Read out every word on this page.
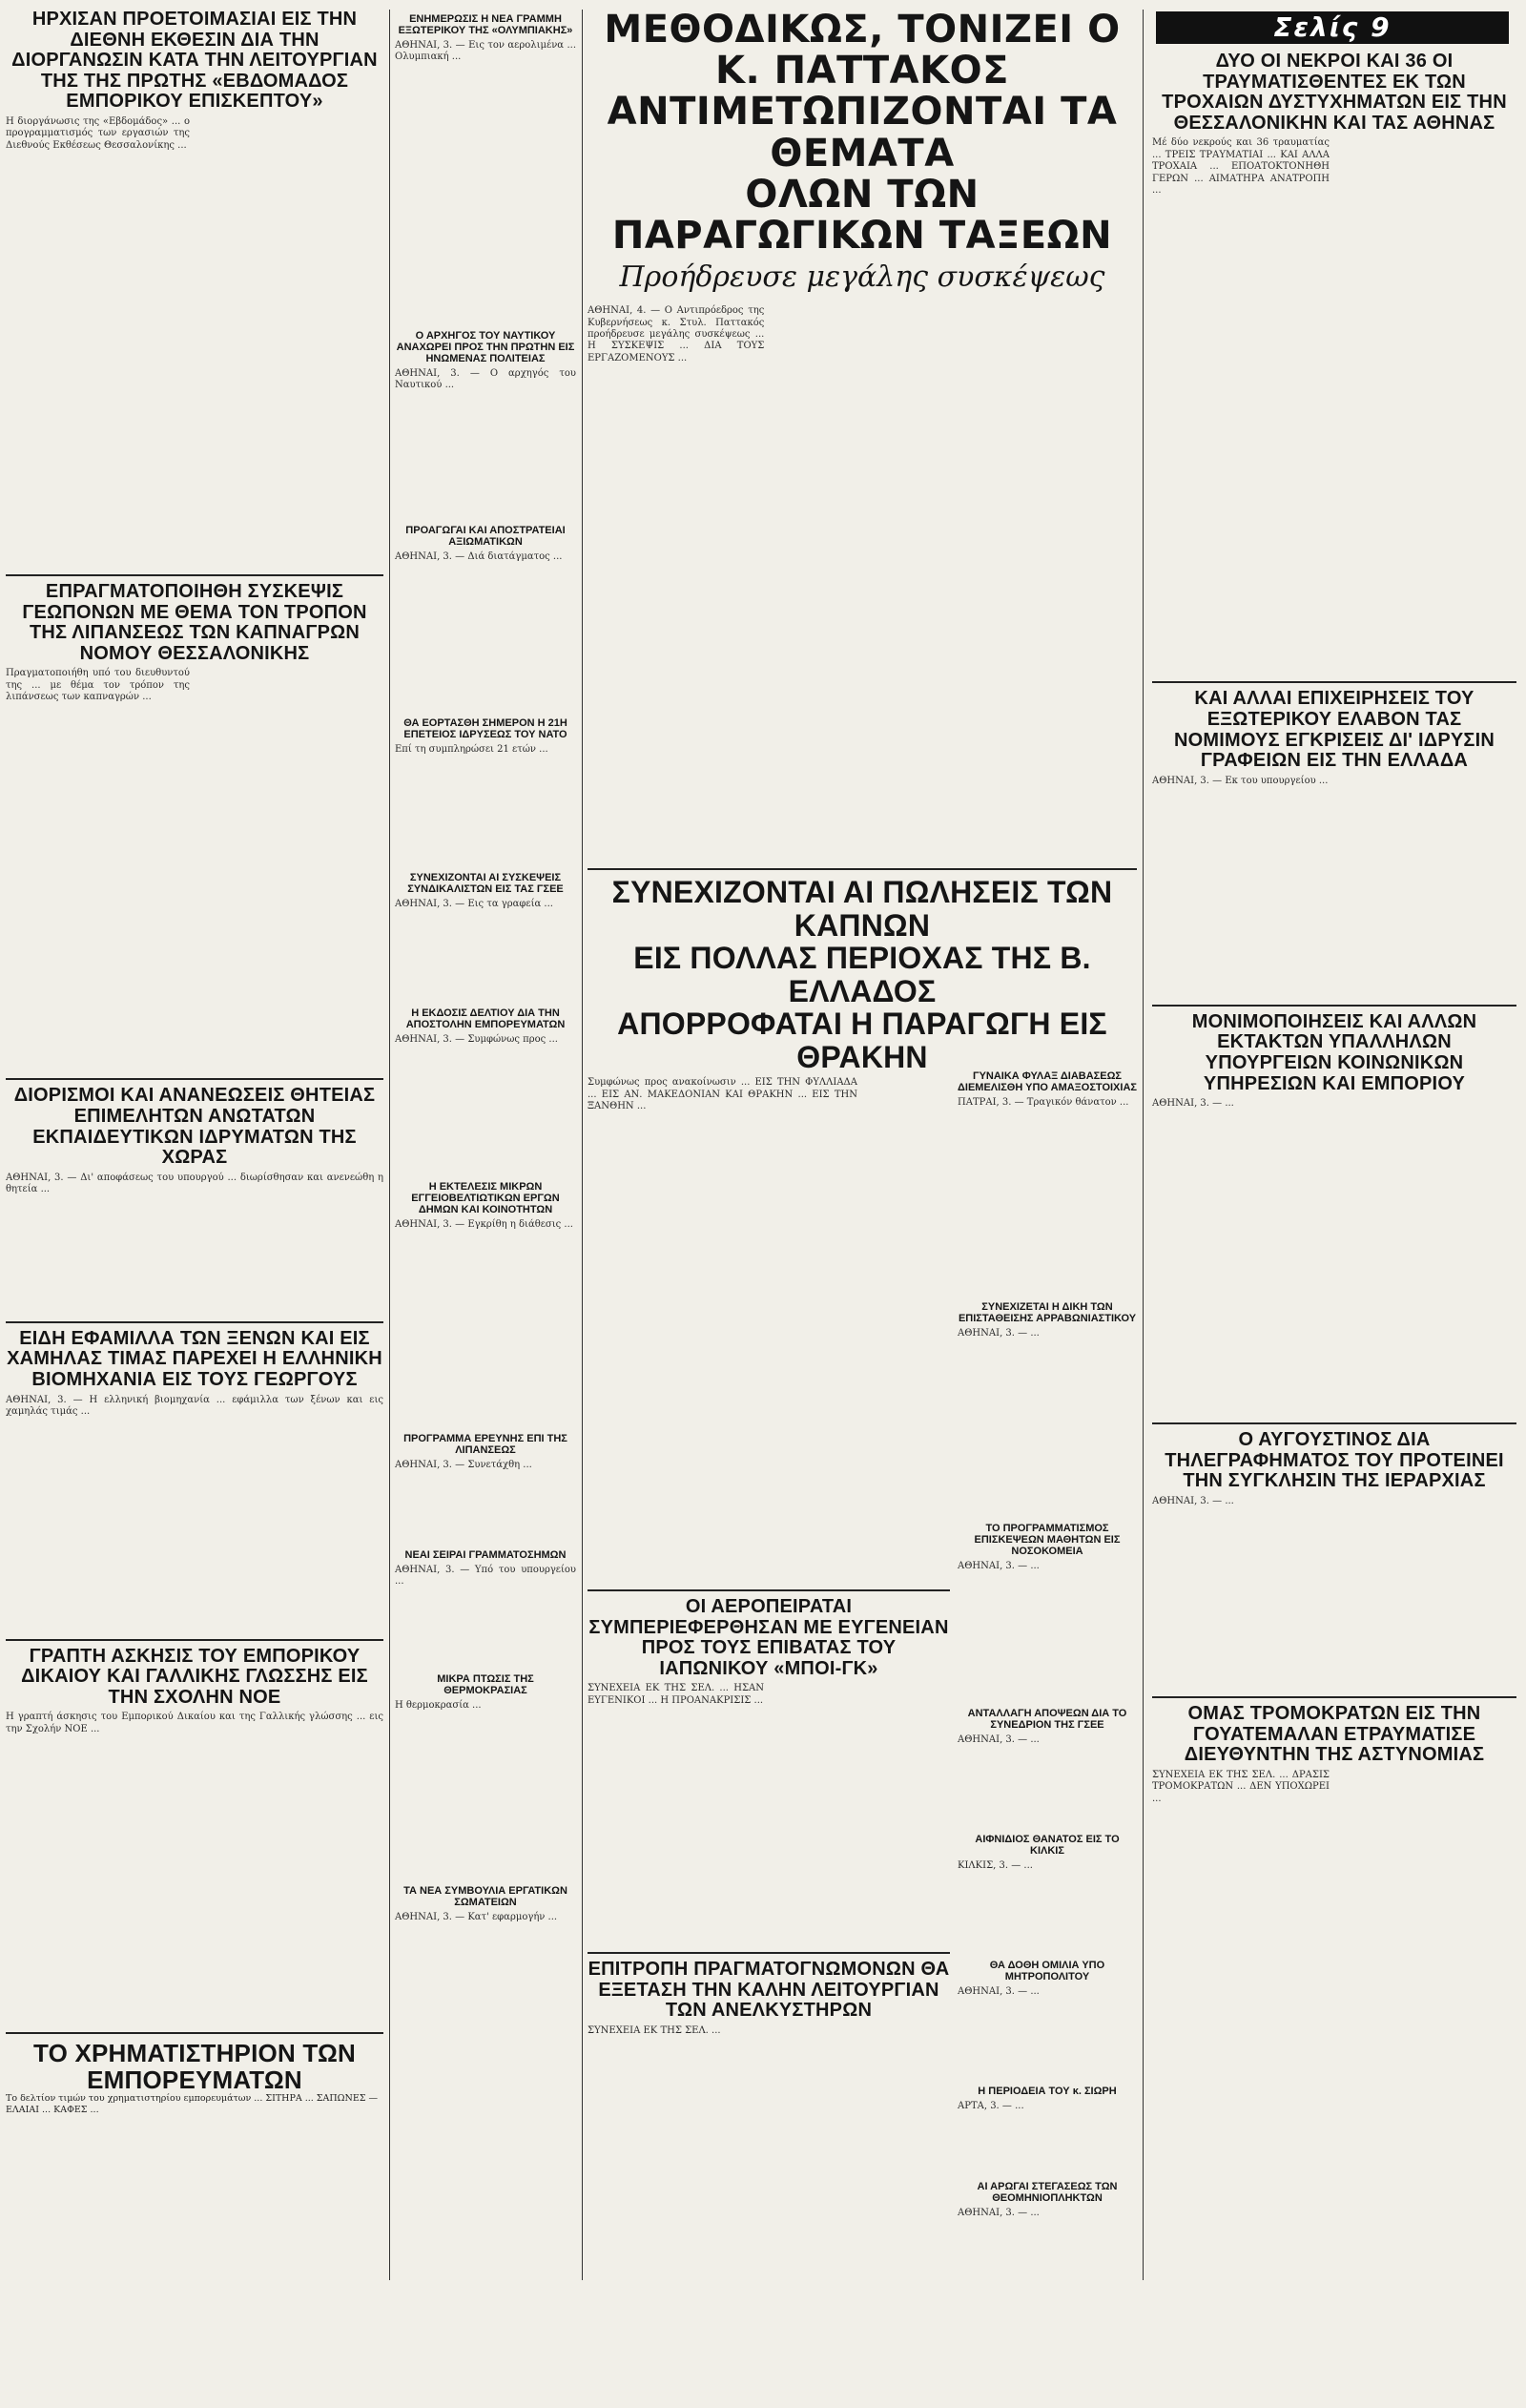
ΗΡΧΙΣΑΝ ΠΡΟΕΤΟΙΜΑΣΙΑΙ ΕΙΣ ΤΗΝ ΔΙΕΘΝΗ ΕΚΘΕΣΙΝ ΔΙΑ ΤΗΝ ΔΙΟΡΓΑΝΩΣΙΝ ΚΑΤΑ ΤΗΝ ΛΕΙΤΟΥΡΓΙΑΝ ΤΗΣ ΤΗΣ ΠΡΩΤΗΣ «ΕΒΔΟΜΑΔΟΣ ΕΜΠΟΡΙΚΟΥ ΕΠΙΣΚΕΠΤΟΥ»
Η διοργάνωσις της «Εβδομάδος» ... ο προγραμματισμός των εργασιών της Διεθνούς Εκθέσεως Θεσσαλονίκης ...
ΕΠΡΑΓΜΑΤΟΠΟΙΗΘΗ ΣΥΣΚΕΨΙΣ ΓΕΩΠΟΝΩΝ ΜΕ ΘΕΜΑ ΤΟΝ ΤΡΟΠΟΝ ΤΗΣ ΛΙΠΑΝΣΕΩΣ ΤΩΝ ΚΑΠΝΑΓΡΩΝ ΝΟΜΟΥ ΘΕΣΣΑΛΟΝΙΚΗΣ
Πραγματοποιήθη υπό του διευθυντού της ... με θέμα τον τρόπον της λιπάνσεως των καπναγρών ...
ΔΙΟΡΙΣΜΟΙ ΚΑΙ ΑΝΑΝΕΩΣΕΙΣ ΘΗΤΕΙΑΣ ΕΠΙΜΕΛΗΤΩΝ ΑΝΩΤΑΤΩΝ ΕΚΠΑΙΔΕΥΤΙΚΩΝ ΙΔΡΥΜΑΤΩΝ ΤΗΣ ΧΩΡΑΣ
ΑΘΗΝΑΙ, 3. — Δι' αποφάσεως του υπουργού ... διωρίσθησαν και ανενεώθη η θητεία ...
ΕΙΔΗ ΕΦΑΜΙΛΛΑ ΤΩΝ ΞΕΝΩΝ ΚΑΙ ΕΙΣ ΧΑΜΗΛΑΣ ΤΙΜΑΣ ΠΑΡΕΧΕΙ Η ΕΛΛΗΝΙΚΗ ΒΙΟΜΗΧΑΝΙΑ ΕΙΣ ΤΟΥΣ ΓΕΩΡΓΟΥΣ
ΑΘΗΝΑΙ, 3. — Η ελληνική βιομηχανία ... εφάμιλλα των ξένων και εις χαμηλάς τιμάς ...
ΓΡΑΠΤΗ ΑΣΚΗΣΙΣ ΤΟΥ ΕΜΠΟΡΙΚΟΥ ΔΙΚΑΙΟΥ ΚΑΙ ΓΑΛΛΙΚΗΣ ΓΛΩΣΣΗΣ ΕΙΣ ΤΗΝ ΣΧΟΛΗΝ ΝΟΕ
Η γραπτή άσκησις του Εμπορικού Δικαίου και της Γαλλικής γλώσσης ... εις την Σχολήν ΝΟΕ ...
ΤΟ ΧΡΗΜΑΤΙΣΤΗΡΙΟΝ ΤΩΝ ΕΜΠΟΡΕΥΜΑΤΩΝ
Το δελτίον τιμών του χρηματιστηρίου εμπορευμάτων ... ΣΙΤΗΡΑ ... ΣΑΠΩΝΕΣ — ΕΛΑΙΑΙ ... ΚΑΦΕΣ ...
ΕΝΗΜΕΡΩΣΙΣ Η ΝΕΑ ΓΡΑΜΜΗ ΕΞΩΤΕΡΙΚΟΥ ΤΗΣ «ΟΛΥΜΠΙΑΚΗΣ»
ΑΘΗΝΑΙ, 3. — Εις τον αερολιμένα ... Ολυμπιακή ...
Ο ΑΡΧΗΓΟΣ ΤΟΥ ΝΑΥΤΙΚΟΥ ΑΝΑΧΩΡΕΙ ΠΡΟΣ ΤΗΝ ΠΡΩΤΗΝ ΕΙΣ ΗΝΩΜΕΝΑΣ ΠΟΛΙΤΕΙΑΣ
ΑΘΗΝΑΙ, 3. — Ο αρχηγός του Ναυτικού ...
ΠΡΟΑΓΩΓΑΙ ΚΑΙ ΑΠΟΣΤΡΑΤΕΙΑΙ ΑΞΙΩΜΑΤΙΚΩΝ
ΑΘΗΝΑΙ, 3. — Διά διατάγματος ...
ΘΑ ΕΟΡΤΑΣΘΗ ΣΗΜΕΡΟΝ Η 21Η ΕΠΕΤΕΙΟΣ ΙΔΡΥΣΕΩΣ ΤΟΥ ΝΑΤΟ
Επί τη συμπληρώσει 21 ετών ...
ΣΥΝΕΧΙΖΟΝΤΑΙ ΑΙ ΣΥΣΚΕΨΕΙΣ ΣΥΝΔΙΚΑΛΙΣΤΩΝ ΕΙΣ ΤΑΣ ΓΣΕΕ
ΑΘΗΝΑΙ, 3. — Εις τα γραφεία ...
Η ΕΚΔΟΣΙΣ ΔΕΛΤΙΟΥ ΔΙΑ ΤΗΝ ΑΠΟΣΤΟΛΗΝ ΕΜΠΟΡΕΥΜΑΤΩΝ
ΑΘΗΝΑΙ, 3. — Συμφώνως προς ...
Η ΕΚΤΕΛΕΣΙΣ ΜΙΚΡΩΝ ΕΓΓΕΙΟΒΕΛΤΙΩΤΙΚΩΝ ΕΡΓΩΝ ΔΗΜΩΝ ΚΑΙ ΚΟΙΝΟΤΗΤΩΝ
ΑΘΗΝΑΙ, 3. — Εγκρίθη η διάθεσις ...
ΠΡΟΓΡΑΜΜΑ ΕΡΕΥΝΗΣ ΕΠΙ ΤΗΣ ΛΙΠΑΝΣΕΩΣ
ΑΘΗΝΑΙ, 3. — Συνετάχθη ...
ΝΕΑΙ ΣΕΙΡΑΙ ΓΡΑΜΜΑΤΟΣΗΜΩΝ
ΑΘΗΝΑΙ, 3. — Υπό του υπουργείου ...
ΜΙΚΡΑ ΠΤΩΣΙΣ ΤΗΣ ΘΕΡΜΟΚΡΑΣΙΑΣ
Η θερμοκρασία ...
ΤΑ ΝΕΑ ΣΥΜΒΟΥΛΙΑ ΕΡΓΑΤΙΚΩΝ ΣΩΜΑΤΕΙΩΝ
ΑΘΗΝΑΙ, 3. — Κατ' εφαρμογήν ...
ΜΕΘΟΔΙΚΩΣ, ΤΟΝΙΖΕΙ Ο Κ. ΠΑΤΤΑΚΟΣ
ΑΝΤΙΜΕΤΩΠΙΖΟΝΤΑΙ ΤΑ ΘΕΜΑΤΑ
ΟΛΩΝ ΤΩΝ ΠΑΡΑΓΩΓΙΚΩΝ ΤΑΞΕΩΝ
Προήδρευσε μεγάλης συσκέψεως
ΑΘΗΝΑΙ, 4. — Ο Αντιπρόεδρος της Κυβερνήσεως κ. Στυλ. Παττακός προήδρευσε μεγάλης συσκέψεως ... Η ΣΥΣΚΕΨΙΣ ... ΔΙΑ ΤΟΥΣ ΕΡΓΑΖΟΜΕΝΟΥΣ ...
ΣΥΝΕΧΙΖΟΝΤΑΙ ΑΙ ΠΩΛΗΣΕΙΣ ΤΩΝ ΚΑΠΝΩΝ
ΕΙΣ ΠΟΛΛΑΣ ΠΕΡΙΟΧΑΣ ΤΗΣ Β. ΕΛΛΑΔΟΣ
ΑΠΟΡΡΟΦΑΤΑΙ Η ΠΑΡΑΓΩΓΗ ΕΙΣ ΘΡΑΚΗΝ
Συμφώνως προς ανακοίνωσιν ... ΕΙΣ ΤΗΝ ΦΥΛΛΙΑΔΑ ... ΕΙΣ ΑΝ. ΜΑΚΕΔΟΝΙΑΝ ΚΑΙ ΘΡΑΚΗΝ ... ΕΙΣ ΤΗΝ ΞΑΝΘΗΝ ...
ΟΙ ΑΕΡΟΠΕΙΡΑΤΑΙ ΣΥΜΠΕΡΙΕΦΕΡΘΗΣΑΝ ΜΕ ΕΥΓΕΝΕΙΑΝ ΠΡΟΣ ΤΟΥΣ ΕΠΙΒΑΤΑΣ ΤΟΥ ΙΑΠΩΝΙΚΟΥ «ΜΠΟΙ-ΓΚ»
ΣΥΝΕΧΕΙΑ ΕΚ ΤΗΣ ΣΕΛ. ... ΗΣΑΝ ΕΥΓΕΝΙΚΟΙ ... Η ΠΡΟΑΝΑΚΡΙΣΙΣ ...
ΕΠΙΤΡΟΠΗ ΠΡΑΓΜΑΤΟΓΝΩΜΟΝΩΝ ΘΑ ΕΞΕΤΑΣΗ ΤΗΝ ΚΑΛΗΝ ΛΕΙΤΟΥΡΓΙΑΝ ΤΩΝ ΑΝΕΛΚΥΣΤΗΡΩΝ
ΣΥΝΕΧΕΙΑ ΕΚ ΤΗΣ ΣΕΛ. ...
ΓΥΝΑΙΚΑ ΦΥΛΑΞ ΔΙΑΒΑΣΕΩΣ ΔΙΕΜΕΛΙΣΘΗ ΥΠΟ ΑΜΑΞΟΣΤΟΙΧΙΑΣ
ΠΑΤΡΑΙ, 3. — Τραγικόν θάνατον ...
ΣΥΝΕΧΙΖΕΤΑΙ Η ΔΙΚΗ ΤΩΝ ΕΠΙΣΤΑΘΕΙΣΗΣ ΑΡΡΑΒΩΝΙΑΣΤΙΚΟΥ
ΑΘΗΝΑΙ, 3. — ...
ΤΟ ΠΡΟΓΡΑΜΜΑΤΙΣΜΟΣ ΕΠΙΣΚΕΨΕΩΝ ΜΑΘΗΤΩΝ ΕΙΣ ΝΟΣΟΚΟΜΕΙΑ
ΑΘΗΝΑΙ, 3. — ...
ΑΝΤΑΛΛΑΓΗ ΑΠΟΨΕΩΝ ΔΙΑ ΤΟ ΣΥΝΕΔΡΙΟΝ ΤΗΣ ΓΣΕΕ
ΑΘΗΝΑΙ, 3. — ...
ΑΙΦΝΙΔΙΟΣ ΘΑΝΑΤΟΣ ΕΙΣ ΤΟ ΚΙΛΚΙΣ
ΚΙΛΚΙΣ, 3. — ...
ΘΑ ΔΟΘΗ ΟΜΙΛΙΑ ΥΠΟ ΜΗΤΡΟΠΟΛΙΤΟΥ
ΑΘΗΝΑΙ, 3. — ...
Η ΠΕΡΙΟΔΕΙΑ ΤΟΥ κ. ΣΙΩΡΗ
ΑΡΤΑ, 3. — ...
ΑΙ ΑΡΩΓΑΙ ΣΤΕΓΑΣΕΩΣ ΤΩΝ ΘΕΟΜΗΝΙΟΠΛΗΚΤΩΝ
ΑΘΗΝΑΙ, 3. — ...
Σελίς 9
ΔΥΟ ΟΙ ΝΕΚΡΟΙ ΚΑΙ 36 ΟΙ ΤΡΑΥΜΑΤΙΣΘΕΝΤΕΣ ΕΚ ΤΩΝ ΤΡΟΧΑΙΩΝ ΔΥΣΤΥΧΗΜΑΤΩΝ ΕΙΣ ΤΗΝ ΘΕΣΣΑΛΟΝΙΚΗΝ ΚΑΙ ΤΑΣ ΑΘΗΝΑΣ
Μέ δύο νεκρούς και 36 τραυματίας ... ΤΡΕΙΣ ΤΡΑΥΜΑΤΙΑΙ ... ΚΑΙ ΑΛΛΑ ΤΡΟΧΑΙΑ ... ΕΠΟΑΤΟΚΤΟΝΗΘΗ ΓΕΡΩΝ ... ΑΙΜΑΤΗΡΑ ΑΝΑΤΡΟΠΗ ...
ΚΑΙ ΑΛΛΑΙ ΕΠΙΧΕΙΡΗΣΕΙΣ ΤΟΥ ΕΞΩΤΕΡΙΚΟΥ ΕΛΑΒΟΝ ΤΑΣ ΝΟΜΙΜΟΥΣ ΕΓΚΡΙΣΕΙΣ ΔΙ' ΙΔΡΥΣΙΝ ΓΡΑΦΕΙΩΝ ΕΙΣ ΤΗΝ ΕΛΛΑΔΑ
ΑΘΗΝΑΙ, 3. — Εκ του υπουργείου ...
ΜΟΝΙΜΟΠΟΙΗΣΕΙΣ ΚΑΙ ΑΛΛΩΝ ΕΚΤΑΚΤΩΝ ΥΠΑΛΛΗΛΩΝ ΥΠΟΥΡΓΕΙΩΝ ΚΟΙΝΩΝΙΚΩΝ ΥΠΗΡΕΣΙΩΝ ΚΑΙ ΕΜΠΟΡΙΟΥ
ΑΘΗΝΑΙ, 3. — ...
Ο ΑΥΓΟΥΣΤΙΝΟΣ ΔΙΑ ΤΗΛΕΓΡΑΦΗΜΑΤΟΣ ΤΟΥ ΠΡΟΤΕΙΝΕΙ ΤΗΝ ΣΥΓΚΛΗΣΙΝ ΤΗΣ ΙΕΡΑΡΧΙΑΣ
ΑΘΗΝΑΙ, 3. — ...
ΟΜΑΣ ΤΡΟΜΟΚΡΑΤΩΝ ΕΙΣ ΤΗΝ ΓΟΥΑΤΕΜΑΛΑΝ ΕΤΡΑΥΜΑΤΙΣΕ ΔΙΕΥΘΥΝΤΗΝ ΤΗΣ ΑΣΤΥΝΟΜΙΑΣ
ΣΥΝΕΧΕΙΑ ΕΚ ΤΗΣ ΣΕΛ. ... ΔΡΑΣΙΣ ΤΡΟΜΟΚΡΑΤΩΝ ... ΔΕΝ ΥΠΟΧΩΡΕΙ ...
